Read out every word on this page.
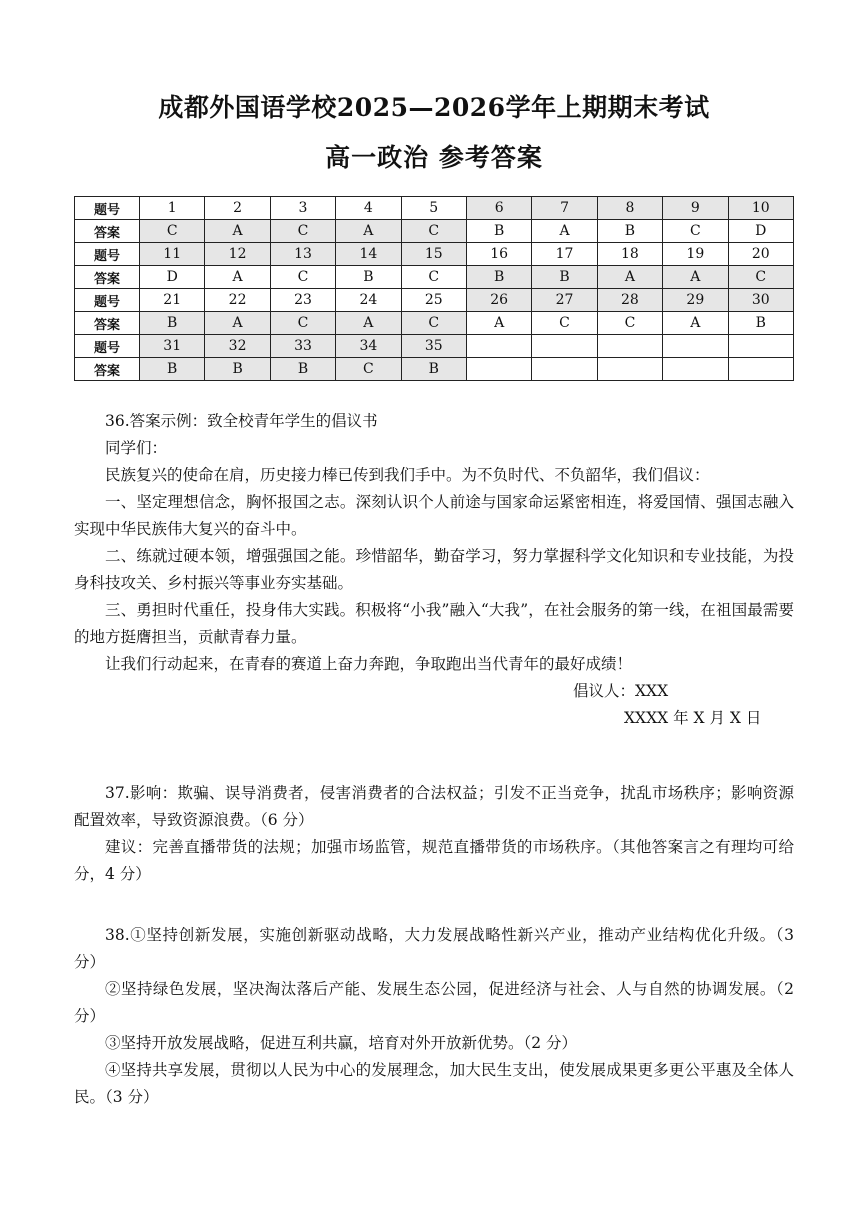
成都外国语学校2025—2026学年上期期末考试
高一政治 参考答案
题号	1	2	3	4	5	6	7	8	9	10
答案	C	A	C	A	C	B	A	B	C	D
题号	11	12	13	14	15	16	17	18	19	20
答案	D	A	C	B	C	B	B	A	A	C
题号	21	22	23	24	25	26	27	28	29	30
答案	B	A	C	A	C	A	C	C	A	B
题号	31	32	33	34	35					
答案	B	B	B	C	B					

36.答案示例：致全校青年学生的倡议书

同学们：

民族复兴的使命在肩，历史接力棒已传到我们手中。为不负时代、不负韶华，我们倡议：

一、坚定理想信念，胸怀报国之志。深刻认识个人前途与国家命运紧密相连，将爱国情、强国志融入实现中华民族伟大复兴的奋斗中。

二、练就过硬本领，增强强国之能。珍惜韶华，勤奋学习，努力掌握科学文化知识和专业技能，为投身科技攻关、乡村振兴等事业夯实基础。

三、勇担时代重任，投身伟大实践。积极将“小我”融入“大我”，在社会服务的第一线，在祖国最需要的地方挺膺担当，贡献青春力量。

让我们行动起来，在青春的赛道上奋力奔跑，争取跑出当代青年的最好成绩！

倡议人：XXX

XXXX 年 X 月 X 日

37.影响：欺骗、误导消费者，侵害消费者的合法权益；引发不正当竞争，扰乱市场秩序；影响资源配置效率，导致资源浪费。（6 分）

建议：完善直播带货的法规；加强市场监管，规范直播带货的市场秩序。（其他答案言之有理均可给分，4 分）

38.①坚持创新发展，实施创新驱动战略，大力发展战略性新兴产业，推动产业结构优化升级。（3 分）

②坚持绿色发展，坚决淘汰落后产能、发展生态公园，促进经济与社会、人与自然的协调发展。（2 分）

③坚持开放发展战略，促进互利共赢，培育对外开放新优势。（2 分）

④坚持共享发展，贯彻以人民为中心的发展理念，加大民生支出，使发展成果更多更公平惠及全体人民。（3 分）
